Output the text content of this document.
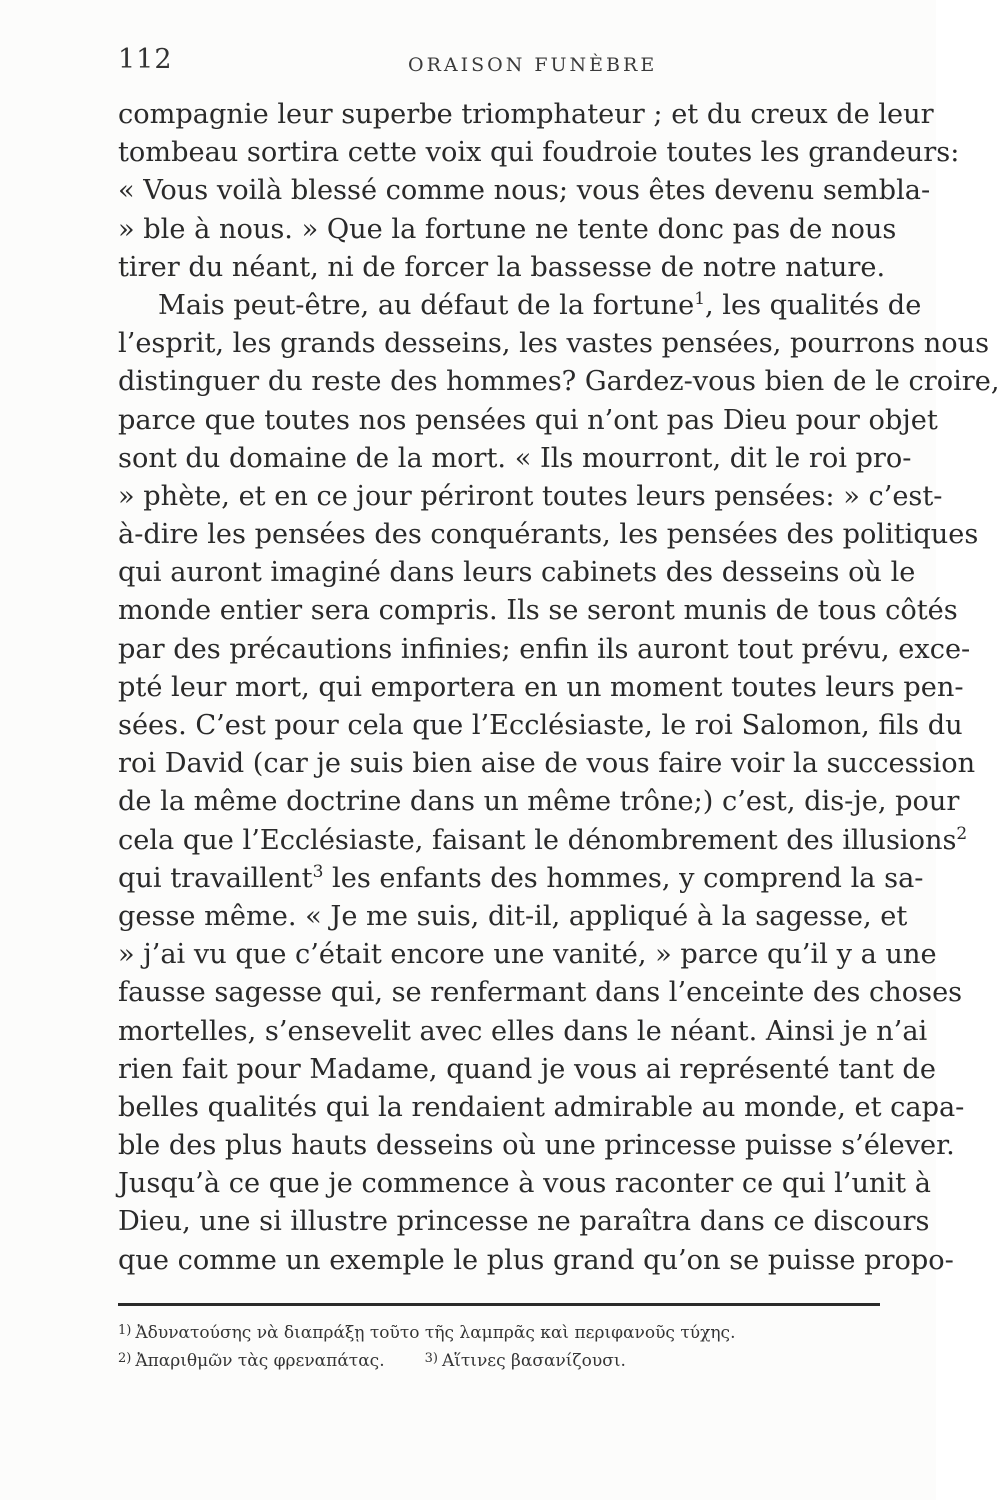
112	ORAISON FUNÈBRE
compagnie leur superbe triomphateur ; et du creux de leur
tombeau sortira cette voix qui foudroie toutes les grandeurs:
« Vous voilà blessé comme nous; vous êtes devenu sembla-
» ble à nous. » Que la fortune ne tente donc pas de nous
tirer du néant, ni de forcer la bassesse de notre nature.
Mais peut-être, au défaut de la fortune$^1$, les qualités de
l’esprit, les grands desseins, les vastes pensées, pourrons nous
distinguer du reste des hommes? Gardez-vous bien de le croire,
parce que toutes nos pensées qui n’ont pas Dieu pour objet
sont du domaine de la mort. « Ils mourront, dit le roi pro-
» phète, et en ce jour périront toutes leurs pensées: » c’est-
à-dire les pensées des conquérants, les pensées des politiques
qui auront imaginé dans leurs cabinets des desseins où le
monde entier sera compris. Ils se seront munis de tous côtés
par des précautions infinies; enfin ils auront tout prévu, exce-
pté leur mort, qui emportera en un moment toutes leurs pen-
sées. C’est pour cela que l’Ecclésiaste, le roi Salomon, fils du
roi David (car je suis bien aise de vous faire voir la succession
de la même doctrine dans un même trône;) c’est, dis-je, pour
cela que l’Ecclésiaste, faisant le dénombrement des illusions$^2$
qui travaillent$^3$ les enfants des hommes, y comprend la sa-
gesse même. « Je me suis, dit-il, appliqué à la sagesse, et
» j’ai vu que c’était encore une vanité, » parce qu’il y a une
fausse sagesse qui, se renfermant dans l’enceinte des choses
mortelles, s’ensevelit avec elles dans le néant. Ainsi je n’ai
rien fait pour Madame, quand je vous ai représenté tant de
belles qualités qui la rendaient admirable au monde, et capa-
ble des plus hauts desseins où une princesse puisse s’élever.
Jusqu’à ce que je commence à vous raconter ce qui l’unit à
Dieu, une si illustre princesse ne paraîtra dans ce discours
que comme un exemple le plus grand qu’on se puisse propo-
$^{1)}$ Ἀδυνατούσης νὰ διαπράξῃ τοῦτο τῆς λαμπρᾶς καὶ περιφανοῦς τύχης.
$^{2)}$ Ἀπαριθμῶν τὰς φρεναπάτας.	$^{3)}$ Αἵτινες βασανίζουσι.
